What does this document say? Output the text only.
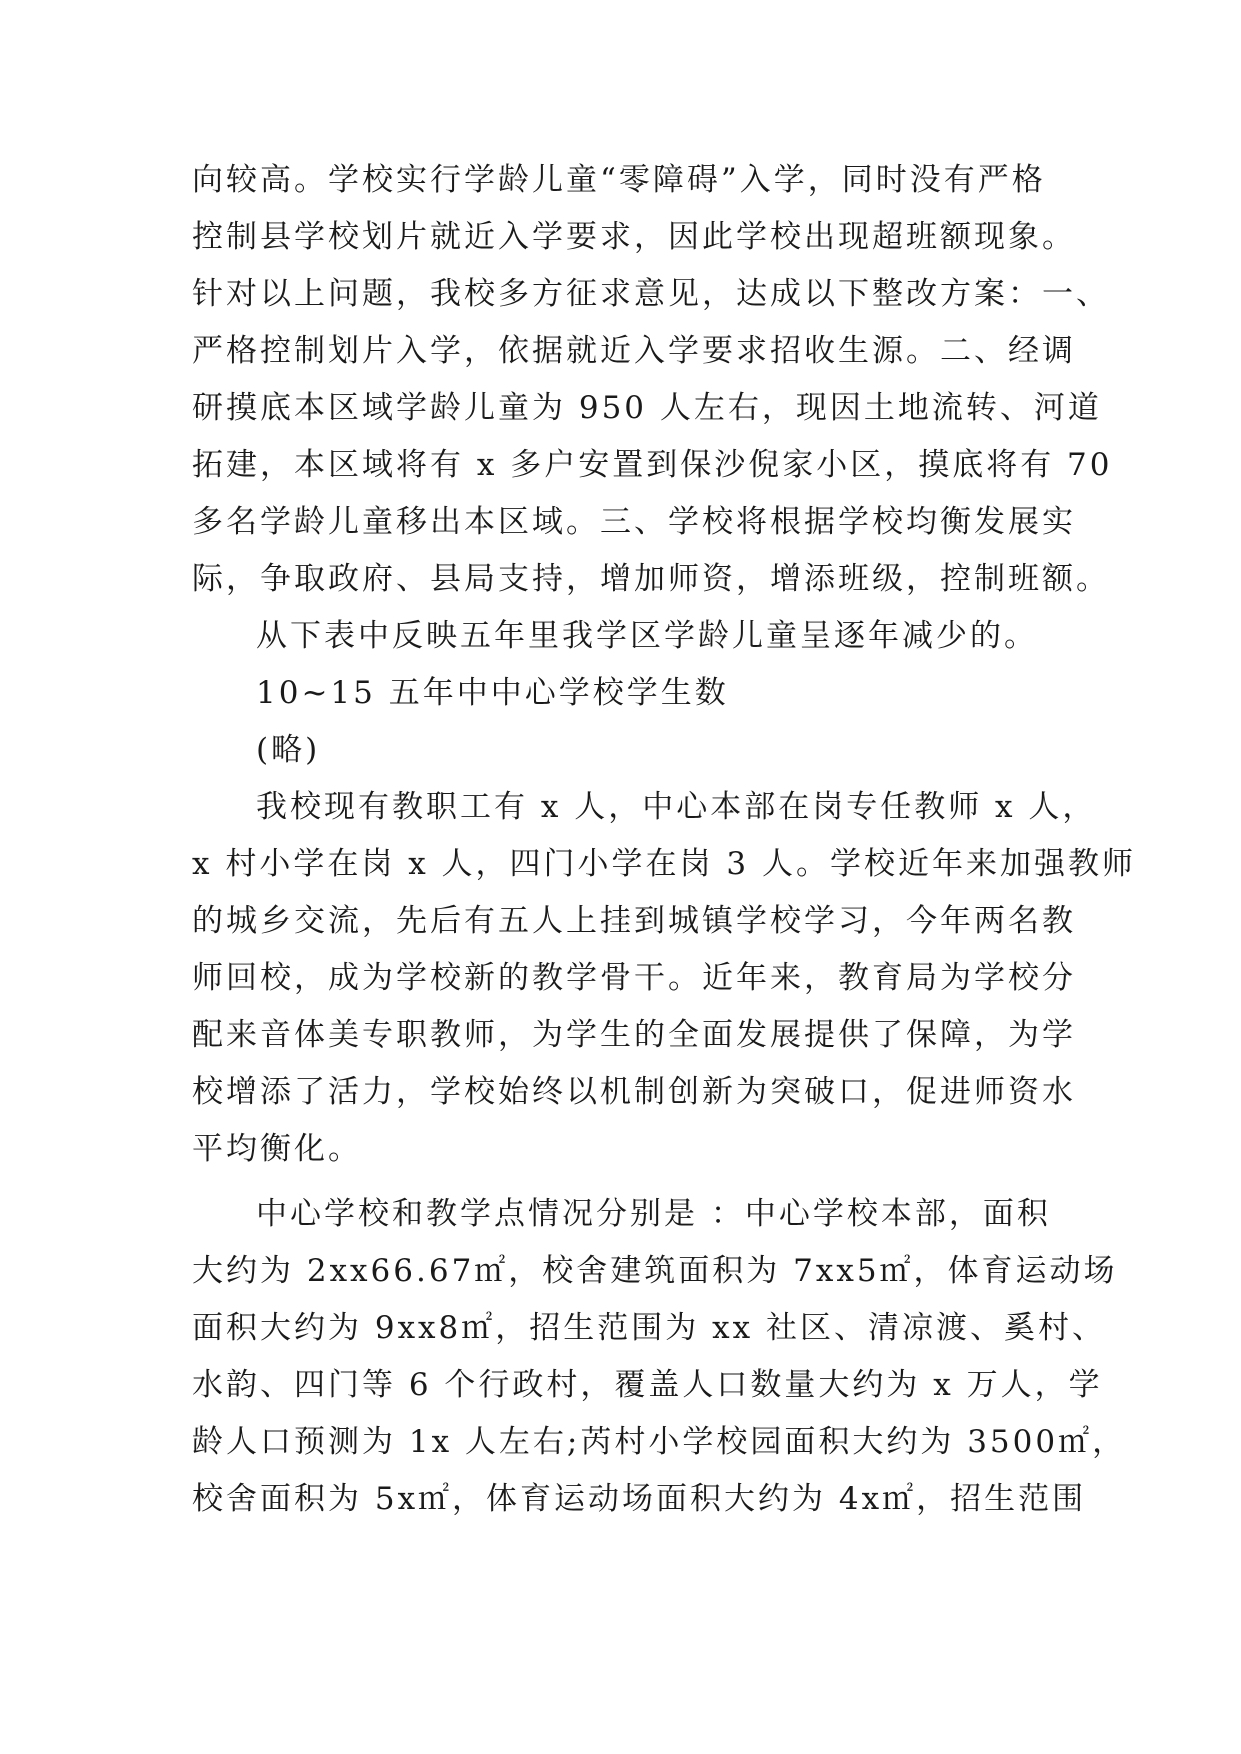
向较高。学校实行学龄儿童“零障碍”入学，同时没有严格
控制县学校划片就近入学要求，因此学校出现超班额现象。
针对以上问题，我校多方征求意见，达成以下整改方案：一、
严格控制划片入学，依据就近入学要求招收生源。二、经调
研摸底本区域学龄儿童为 950 人左右，现因土地流转、河道
拓建，本区域将有 x 多户安置到保沙倪家小区，摸底将有 70
多名学龄儿童移出本区域。三、学校将根据学校均衡发展实
际，争取政府、县局支持，增加师资，增添班级，控制班额。
从下表中反映五年里我学区学龄儿童呈逐年减少的。
10~15 五年中中心学校学生数
(略)
我校现有教职工有 x 人，中心本部在岗专任教师 x 人，
x 村小学在岗 x 人，四门小学在岗 3 人。学校近年来加强教师
的城乡交流，先后有五人上挂到城镇学校学习，今年两名教
师回校，成为学校新的教学骨干。近年来，教育局为学校分
配来音体美专职教师，为学生的全面发展提供了保障，为学
校增添了活力，学校始终以机制创新为突破口，促进师资水
平均衡化。
中心学校和教学点情况分别是 ：中心学校本部，面积
大约为 2xx66.67㎡，校舍建筑面积为 7xx5㎡，体育运动场
面积大约为 9xx8㎡，招生范围为 xx 社区、清凉渡、奚村、
水韵、四门等 6 个行政村，覆盖人口数量大约为 x 万人，学
龄人口预测为 1x 人左右;芮村小学校园面积大约为 3500㎡，
校舍面积为 5x㎡，体育运动场面积大约为 4x㎡，招生范围
